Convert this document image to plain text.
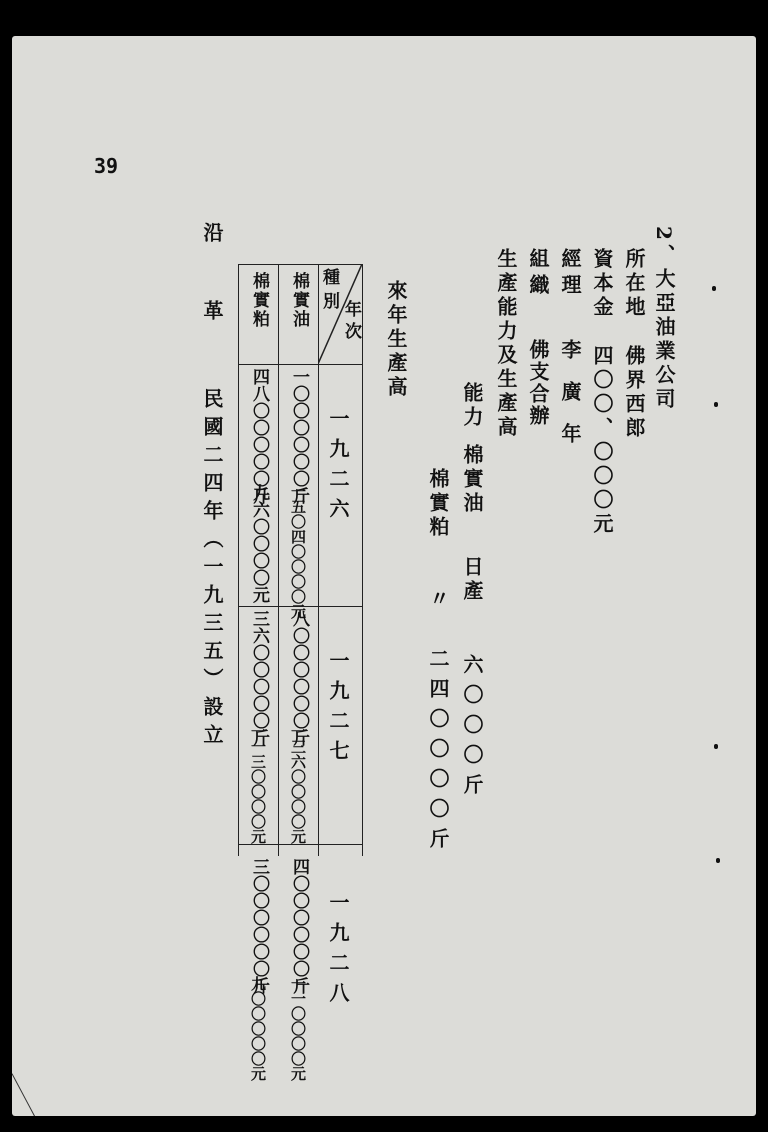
39
2、大亞油業公司
所在地 佛界西郎
資本金 四〇〇、〇〇〇元
經理 李廣年
組織 佛支合辦
生產能力及生產高
能力棉實油日產六〇〇〇斤
棉實粕〃二四〇〇〇〇斤
來年生產高
年次
種別
一九二六
一九二七
一九二八
棉實油
棉實粕
一〇〇〇〇〇〇斤
一五〇四〇〇〇〇元
八〇〇〇〇〇〇斤
一三六〇〇〇〇元
四〇〇〇〇〇〇斤
一一〇〇〇〇元
四八〇〇〇〇〇斤
九六〇〇〇〇元
三六〇〇〇〇〇斤
一一三〇〇〇〇元
三〇〇〇〇〇〇斤
九〇〇〇〇〇元
沿革民國二四年（一九三五）設立
